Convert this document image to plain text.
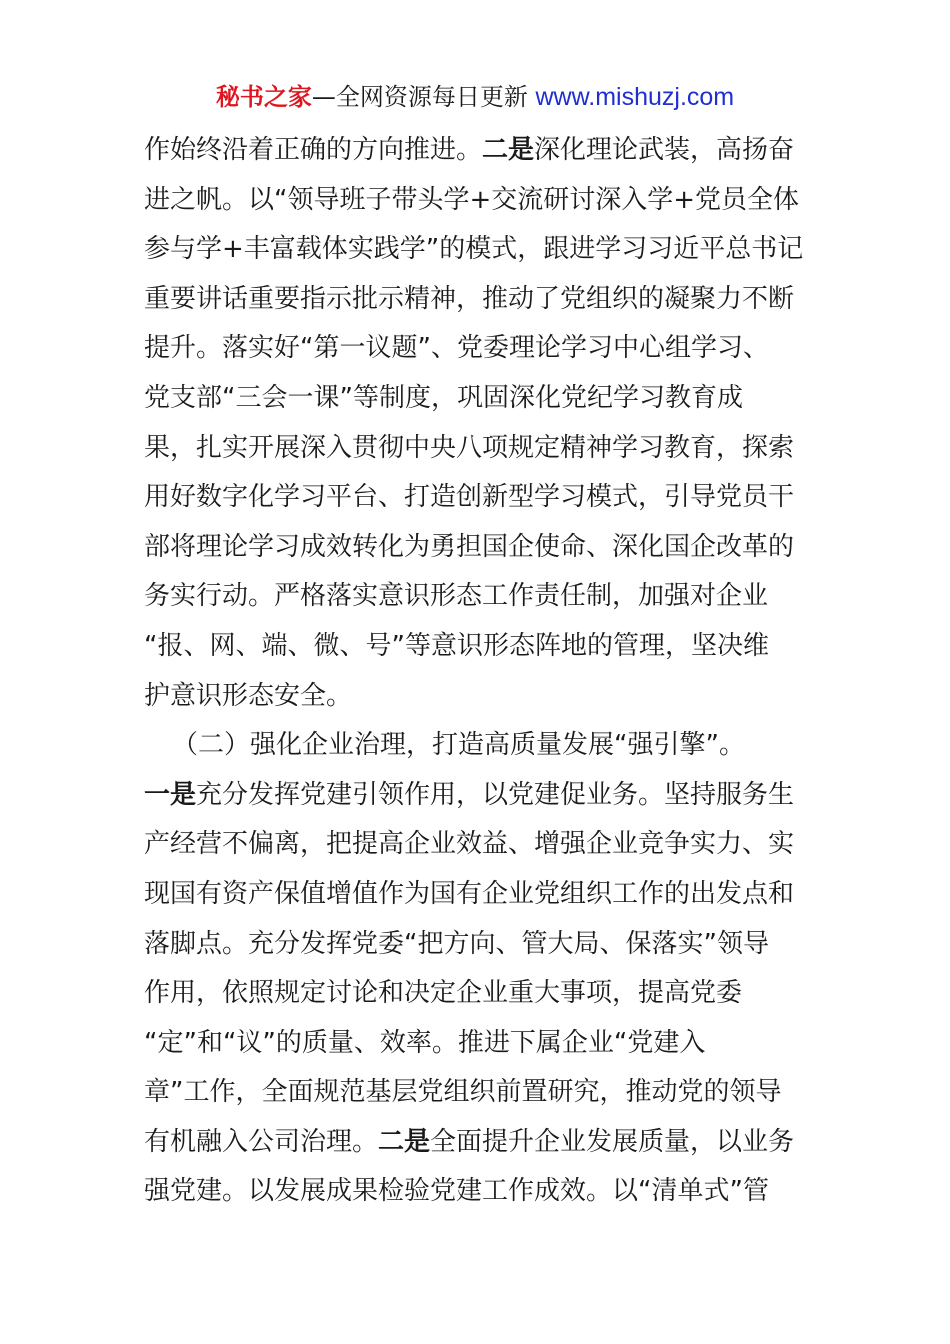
秘书之家—全网资源每日更新 www.mishuzj.com
作始终沿着正确的方向推进。二是深化理论武装，高扬奋
进之帆。以“领导班子带头学+交流研讨深入学+党员全体
参与学+丰富载体实践学”的模式，跟进学习习近平总书记
重要讲话重要指示批示精神，推动了党组织的凝聚力不断
提升。落实好“第一议题”、党委理论学习中心组学习、
党支部“三会一课”等制度，巩固深化党纪学习教育成
果，扎实开展深入贯彻中央八项规定精神学习教育，探索
用好数字化学习平台、打造创新型学习模式，引导党员干
部将理论学习成效转化为勇担国企使命、深化国企改革的
务实行动。严格落实意识形态工作责任制，加强对企业
“报、网、端、微、号”等意识形态阵地的管理，坚决维
护意识形态安全。
（二）强化企业治理，打造高质量发展“强引擎”。
一是充分发挥党建引领作用，以党建促业务。坚持服务生
产经营不偏离，把提高企业效益、增强企业竞争实力、实
现国有资产保值增值作为国有企业党组织工作的出发点和
落脚点。充分发挥党委“把方向、管大局、保落实”领导
作用，依照规定讨论和决定企业重大事项，提高党委
“定”和“议”的质量、效率。推进下属企业“党建入
章”工作，全面规范基层党组织前置研究，推动党的领导
有机融入公司治理。二是全面提升企业发展质量，以业务
强党建。以发展成果检验党建工作成效。以“清单式”管
